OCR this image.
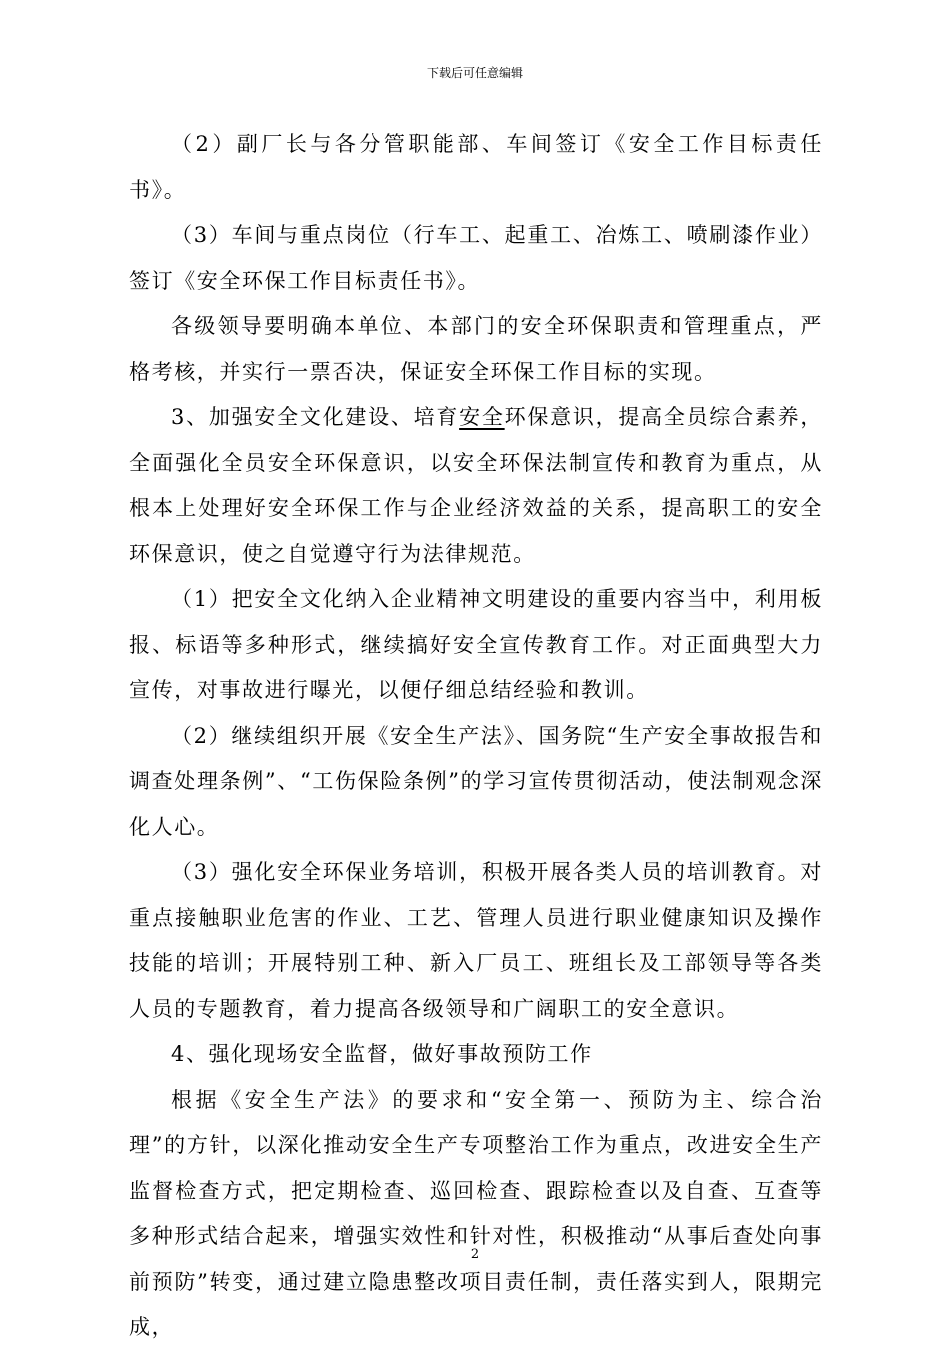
下载后可任意编辑

（2）副厂长与各分管职能部、车间签订《安全工作目标责任书》。

（3）车间与重点岗位（行车工、起重工、冶炼工、喷刷漆作业）签订《安全环保工作目标责任书》。

各级领导要明确本单位、本部门的安全环保职责和管理重点，严格考核，并实行一票否决，保证安全环保工作目标的实现。

3、加强安全文化建设、培育安全环保意识，提高全员综合素养，全面强化全员安全环保意识，以安全环保法制宣传和教育为重点，从根本上处理好安全环保工作与企业经济效益的关系，提高职工的安全环保意识，使之自觉遵守行为法律规范。

（1）把安全文化纳入企业精神文明建设的重要内容当中，利用板报、标语等多种形式，继续搞好安全宣传教育工作。对正面典型大力宣传，对事故进行曝光，以便仔细总结经验和教训。

（2）继续组织开展《安全生产法》、国务院“生产安全事故报告和调查处理条例”、“工伤保险条例”的学习宣传贯彻活动，使法制观念深化人心。

（3）强化安全环保业务培训，积极开展各类人员的培训教育。对重点接触职业危害的作业、工艺、管理人员进行职业健康知识及操作技能的培训；开展特别工种、新入厂员工、班组长及工部领导等各类人员的专题教育，着力提高各级领导和广阔职工的安全意识。

4、强化现场安全监督，做好事故预防工作

根据《安全生产法》的要求和“安全第一、预防为主、综合治理”的方针，以深化推动安全生产专项整治工作为重点，改进安全生产监督检查方式，把定期检查、巡回检查、跟踪检查以及自查、互查等多种形式结合起来，增强实效性和针对性，积极推动“从事后查处向事前预防”转变，通过建立隐患整改项目责任制，责任落实到人，限期完成，

2
